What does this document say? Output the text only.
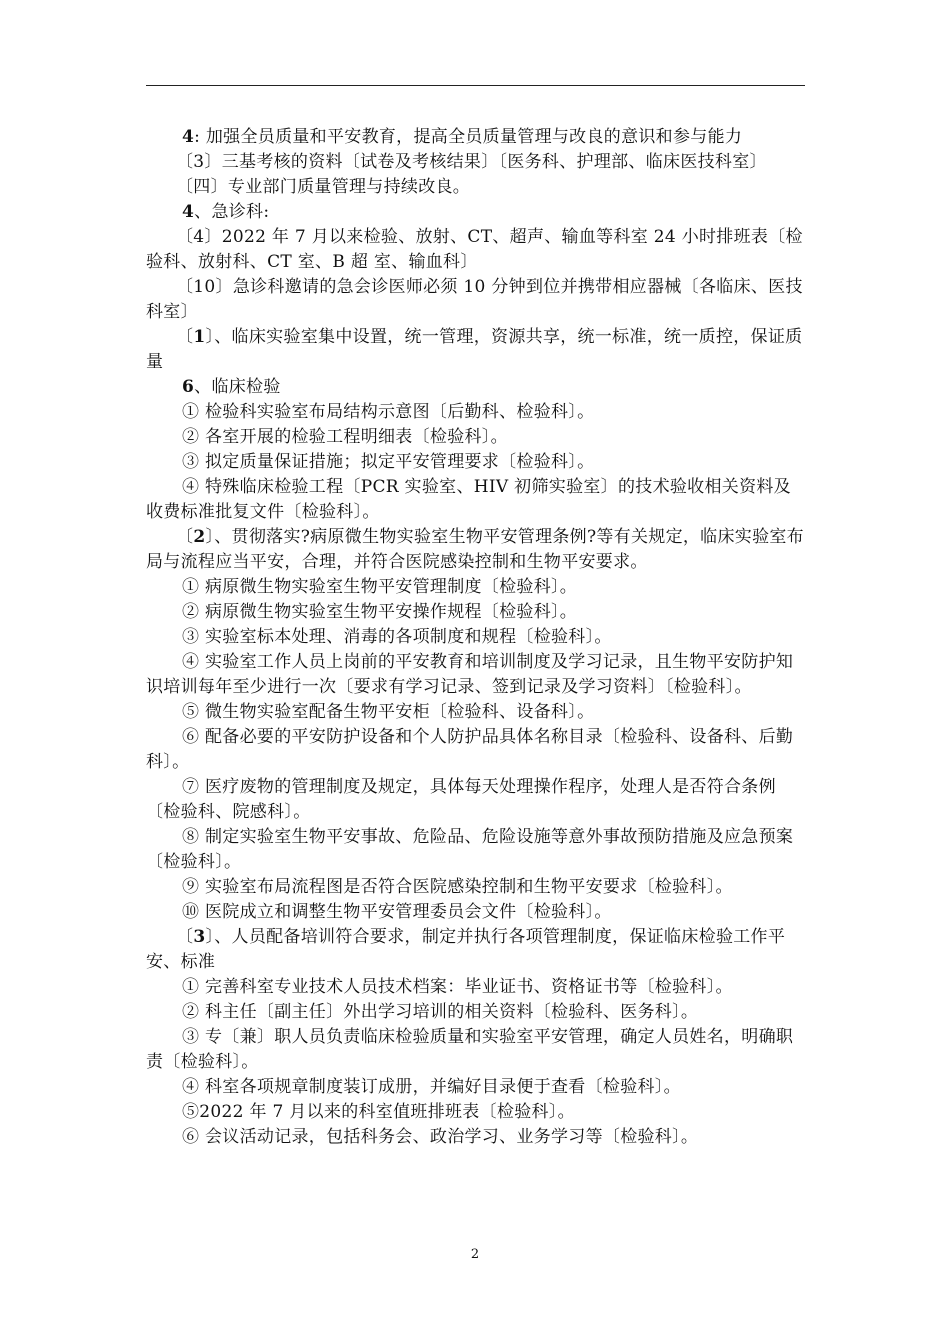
4: 加强全员质量和平安教育，提高全员质量管理与改良的意识和参与能力

〔3〕三基考核的资料〔试卷及考核结果〕〔医务科、护理部、临床医技科室〕

〔四〕专业部门质量管理与持续改良。

4、急诊科:

〔4〕2022 年 7 月以来检验、放射、CT、超声、输血等科室 24 小时排班表〔检验科、放射科、CT 室、B 超 室、输血科〕

〔10〕急诊科邀请的急会诊医师必须 10 分钟到位并携带相应器械〔各临床、医技科室〕

〔1〕、临床实验室集中设置，统一管理，资源共享，统一标准，统一质控，保证质量

6、临床检验

① 检验科实验室布局结构示意图〔后勤科、检验科〕。

② 各室开展的检验工程明细表〔检验科〕。

③ 拟定质量保证措施；拟定平安管理要求〔检验科〕。

④ 特殊临床检验工程〔PCR 实验室、HIV 初筛实验室〕的技术验收相关资料及收费标准批复文件〔检验科〕。

〔2〕、贯彻落实?病原微生物实验室生物平安管理条例?等有关规定，临床实验室布局与流程应当平安，合理，并符合医院感染控制和生物平安要求。

① 病原微生物实验室生物平安管理制度〔检验科〕。

② 病原微生物实验室生物平安操作规程〔检验科〕。

③ 实验室标本处理、消毒的各项制度和规程〔检验科〕。

④ 实验室工作人员上岗前的平安教育和培训制度及学习记录，且生物平安防护知识培训每年至少进行一次〔要求有学习记录、签到记录及学习资料〕〔检验科〕。

⑤ 微生物实验室配备生物平安柜〔检验科、设备科〕。

⑥ 配备必要的平安防护设备和个人防护品具体名称目录〔检验科、设备科、后勤科〕。

⑦ 医疗废物的管理制度及规定，具体每天处理操作程序，处理人是否符合条例〔检验科、院感科〕。

⑧ 制定实验室生物平安事故、危险品、危险设施等意外事故预防措施及应急预案〔检验科〕。

⑨ 实验室布局流程图是否符合医院感染控制和生物平安要求〔检验科〕。

⑩ 医院成立和调整生物平安管理委员会文件〔检验科〕。

〔3〕、人员配备培训符合要求，制定并执行各项管理制度，保证临床检验工作平安、标准

① 完善科室专业技术人员技术档案：毕业证书、资格证书等〔检验科〕。

② 科主任〔副主任〕外出学习培训的相关资料〔检验科、医务科〕。

③ 专〔兼〕职人员负责临床检验质量和实验室平安管理，确定人员姓名，明确职责〔检验科〕。

④ 科室各项规章制度装订成册，并编好目录便于查看〔检验科〕。

⑤2022 年 7 月以来的科室值班排班表〔检验科〕。

⑥ 会议活动记录，包括科务会、政治学习、业务学习等〔检验科〕。

2
